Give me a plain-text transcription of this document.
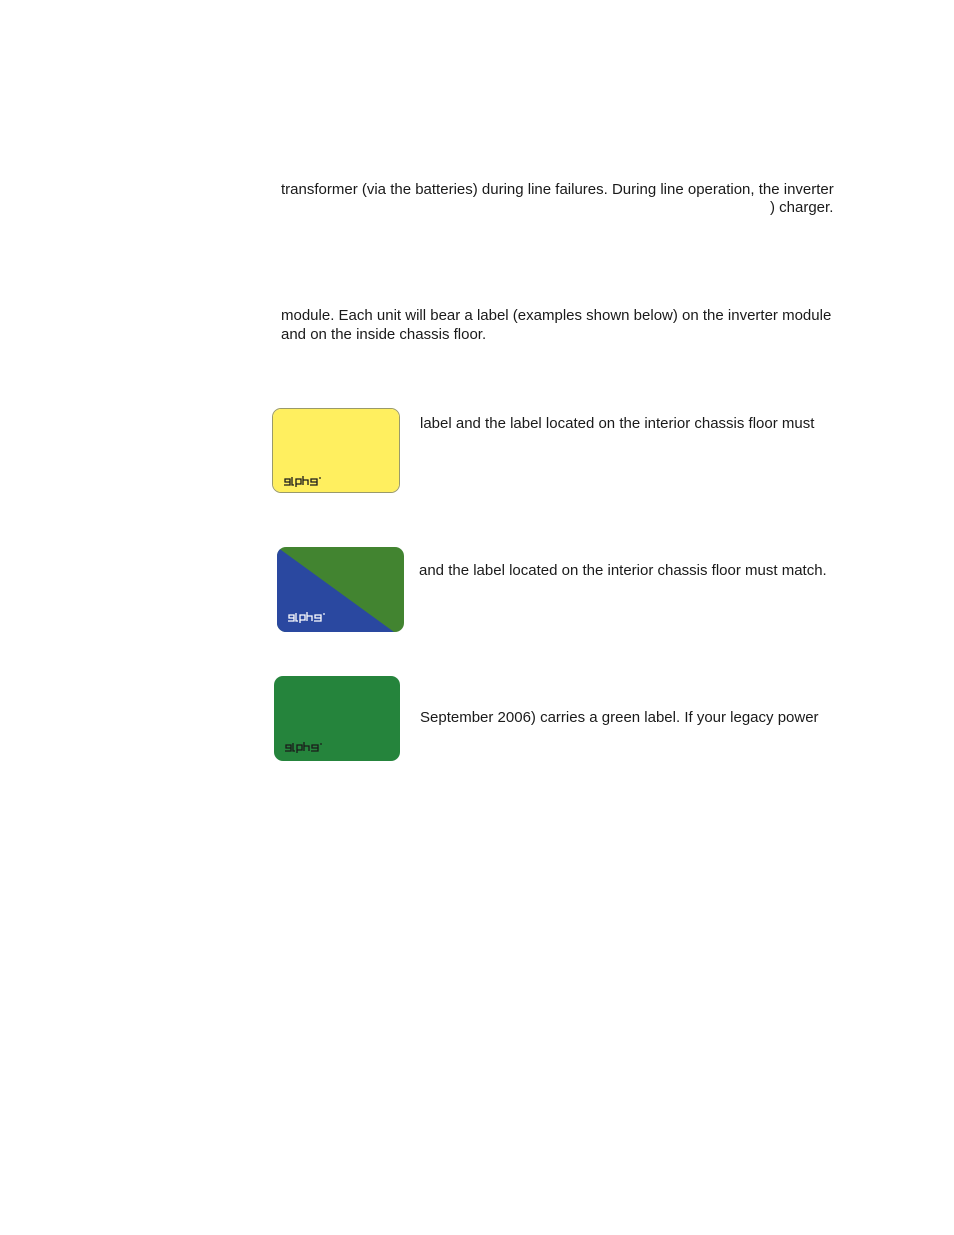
transformer (via the batteries) during line failures. During line operation, the inverter
) charger.
module. Each unit will bear a label (examples shown below) on the inverter module
and on the inside chassis floor.
label and the label located on the interior chassis floor must
and the label located on the interior chassis floor must match.
September 2006) carries a green label. If your legacy power
